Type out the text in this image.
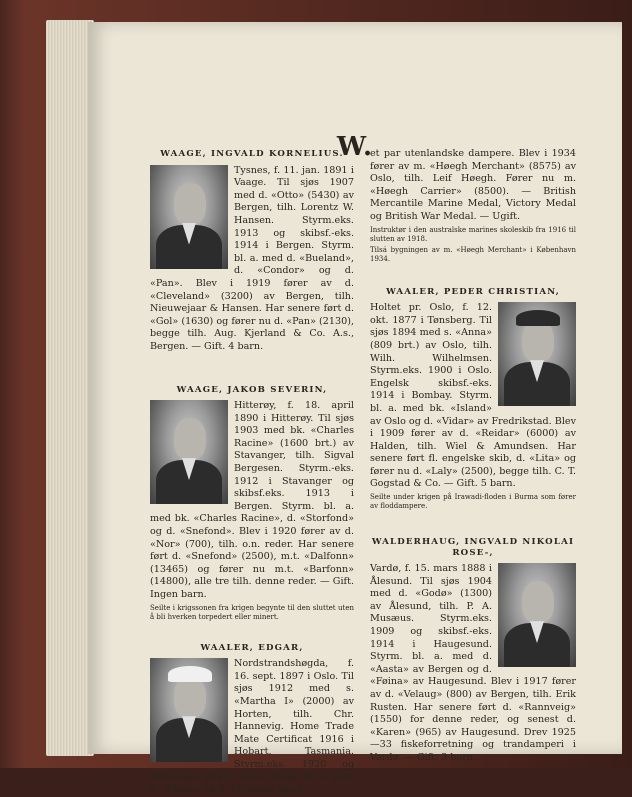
W.
WAAGE, INGVALD KORNELIUS.
Tysnes, f. 11. jan. 1891 i Vaage. Til sjøs 1907 med d. «Otto» (5430) av Bergen, tilh. Lorentz W. Hansen. Styrm.eks. 1913 og skibsf.-eks. 1914 i Bergen. Styrm. bl. a. med d. «Bueland», d. «Condor» og d. «Pan». Blev i 1919 fører av d. «Cleveland» (3200) av Bergen, tilh. Nieuwejaar & Hansen. Har senere ført d. «Gol» (1630) og fører nu d. «Pan» (2130), begge tilh. Aug. Kjerland & Co. A.s., Bergen. — Gift. 4 barn.
WAAGE, JAKOB SEVERIN,
Hitterøy, f. 18. april 1890 i Hitterøy. Til sjøs 1903 med bk. «Charles Racine» (1600 brt.) av Stavanger, tilh. Sigval Bergesen. Styrm.-eks. 1912 i Stavanger og skibsf.eks. 1913 i Bergen. Styrm. bl. a. med bk. «Charles Racine», d. «Storfond» og d. «Snefond». Blev i 1920 fører av d. «Nor» (700), tilh. o.n. reder. Har senere ført d. «Snefond» (2500), m.t. «Dalfonn» (13465) og fører nu m.t. «Barfonn» (14800), alle tre tilh. denne reder. — Gift. Ingen barn.
Seilte i krigssonen fra krigen begynte til den sluttet uten å bli hverken torpedert eller minert.
WAALER, EDGAR,
Nordstrandshøgda, f. 16. sept. 1897 i Oslo. Til sjøs 1912 med s. «Martha I» (2000) av Horten, tilh. Chr. Hannevig. Home Trade Mate Certificat 1916 i Hobart, Tasmania. Styrm.eks. 1920 og skibsf.eks. 1924 i Oslo. Styrm. bl. a. med d. «Hauk» og d. «Tugela» samt
et par utenlandske dampere. Blev i 1934 fører av m. «Høegh Merchant» (8575) av Oslo, tilh. Leif Høegh. Fører nu m. «Høegh Carrier» (8500). — British Mercantile Marine Medal, Victory Medal og British War Medal. — Ugift.
Instruktør i den australske marines skoleskib fra 1916 til slutten av 1918.
Tilsá bygningen av m. «Høegh Merchant» i København 1934.
WAALER, PEDER CHRISTIAN,
Holtet pr. Oslo, f. 12. okt. 1877 i Tønsberg. Til sjøs 1894 med s. «Anna» (809 brt.) av Oslo, tilh. Wilh. Wilhelmsen. Styrm.eks. 1900 i Oslo. Engelsk skibsf.-eks. 1914 i Bombay. Styrm. bl. a. med bk. «Island» av Oslo og d. «Vidar» av Fredrikstad. Blev i 1909 fører av d. «Reidar» (6000) av Halden, tilh. Wiel & Amundsen. Har senere ført fl. engelske skib, d. «Lita» og fører nu d. «Laly» (2500), begge tilh. C. T. Gogstad & Co. — Gift. 5 barn.
Seilte under krigen på Irawadi-floden i Burma som fører av floddampere.
WALDERHAUG, INGVALD NIKOLAI ROSE-,
Vardø, f. 15. mars 1888 i Ålesund. Til sjøs 1904 med d. «Godø» (1300) av Ålesund, tilh. P. A. Musæus. Styrm.eks. 1909 og skibsf.-eks. 1914 i Haugesund. Styrm. bl. a. med d. «Aasta» av Bergen og d. «Føina» av Haugesund. Blev i 1917 fører av d. «Velaug» (800) av Bergen, tilh. Erik Rusten. Har senere ført d. «Rannveig» (1550) for denne reder, og senest d. «Karen» (965) av Haugesund. Drev 1925—33 fiskeforretning og trandamperi i Vardø. — Gift. 3 barn.
